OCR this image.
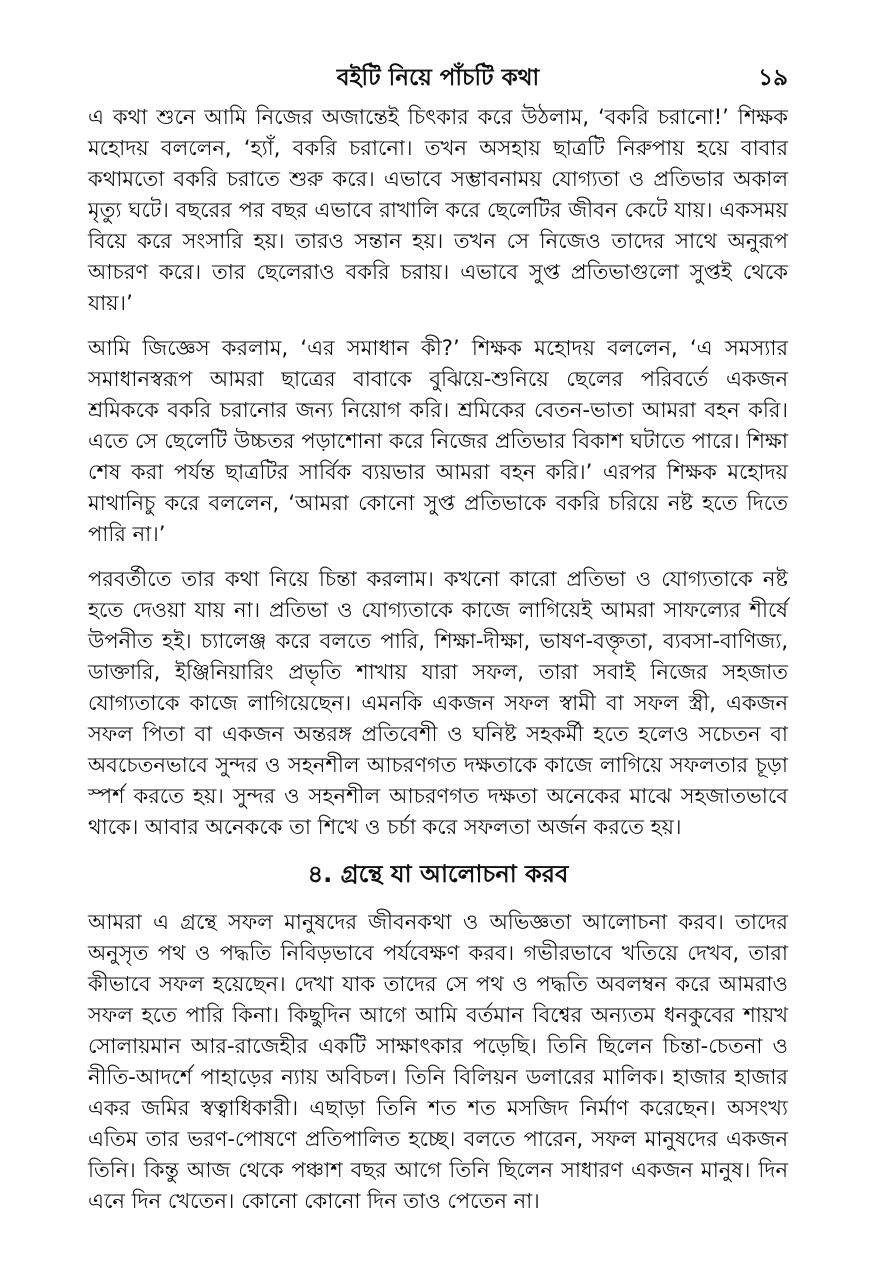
বইটি নিয়ে পাঁচটি কথা	১৯

এ কথা শুনে আমি নিজের অজান্তেই চিৎকার করে উঠলাম, ‘বকরি চরানো!’ শিক্ষক মহোদয় বললেন, ‘হ্যাঁ, বকরি চরানো। তখন অসহায় ছাত্রটি নিরুপায় হয়ে বাবার কথামতো বকরি চরাতে শুরু করে। এভাবে সম্ভাবনাময় যোগ্যতা ও প্রতিভার অকাল মৃত্যু ঘটে। বছরের পর বছর এভাবে রাখালি করে ছেলেটির জীবন কেটে যায়। একসময় বিয়ে করে সংসারি হয়। তারও সন্তান হয়। তখন সে নিজেও তাদের সাথে অনুরূপ আচরণ করে। তার ছেলেরাও বকরি চরায়। এভাবে সুপ্ত প্রতিভাগুলো সুপ্তই থেকে যায়।’

আমি জিজ্ঞেস করলাম, ‘এর সমাধান কী?’ শিক্ষক মহোদয় বললেন, ‘এ সমস্যার সমাধানস্বরূপ আমরা ছাত্রের বাবাকে বুঝিয়ে-শুনিয়ে ছেলের পরিবর্তে একজন শ্রমিককে বকরি চরানোর জন্য নিয়োগ করি। শ্রমিকের বেতন-ভাতা আমরা বহন করি। এতে সে ছেলেটি উচ্চতর পড়াশোনা করে নিজের প্রতিভার বিকাশ ঘটাতে পারে। শিক্ষা শেষ করা পর্যন্ত ছাত্রটির সার্বিক ব্যয়ভার আমরা বহন করি।’ এরপর শিক্ষক মহোদয় মাথানিচু করে বললেন, ‘আমরা কোনো সুপ্ত প্রতিভাকে বকরি চরিয়ে নষ্ট হতে দিতে পারি না।’

পরবর্তীতে তার কথা নিয়ে চিন্তা করলাম। কখনো কারো প্রতিভা ও যোগ্যতাকে নষ্ট হতে দেওয়া যায় না। প্রতিভা ও যোগ্যতাকে কাজে লাগিয়েই আমরা সাফল্যের শীর্ষে উপনীত হই। চ্যালেঞ্জ করে বলতে পারি, শিক্ষা-দীক্ষা, ভাষণ-বক্তৃতা, ব্যবসা-বাণিজ্য, ডাক্তারি, ইঞ্জিনিয়ারিং প্রভৃতি শাখায় যারা সফল, তারা সবাই নিজের সহজাত যোগ্যতাকে কাজে লাগিয়েছেন। এমনকি একজন সফল স্বামী বা সফল স্ত্রী, একজন সফল পিতা বা একজন অন্তরঙ্গ প্রতিবেশী ও ঘনিষ্ট সহকর্মী হতে হলেও সচেতন বা অবচেতনভাবে সুন্দর ও সহনশীল আচরণগত দক্ষতাকে কাজে লাগিয়ে সফলতার চূড়া স্পর্শ করতে হয়। সুন্দর ও সহনশীল আচরণগত দক্ষতা অনেকের মাঝে সহজাতভাবে থাকে। আবার অনেককে তা শিখে ও চর্চা করে সফলতা অর্জন করতে হয়।

৪. গ্রন্থে যা আলোচনা করব

আমরা এ গ্রন্থে সফল মানুষদের জীবনকথা ও অভিজ্ঞতা আলোচনা করব। তাদের অনুসৃত পথ ও পদ্ধতি নিবিড়ভাবে পর্যবেক্ষণ করব। গভীরভাবে খতিয়ে দেখব, তারা কীভাবে সফল হয়েছেন। দেখা যাক তাদের সে পথ ও পদ্ধতি অবলম্বন করে আমরাও সফল হতে পারি কিনা। কিছুদিন আগে আমি বর্তমান বিশ্বের অন্যতম ধনকুবের শায়খ সোলায়মান আর-রাজেহীর একটি সাক্ষাৎকার পড়েছি। তিনি ছিলেন চিন্তা-চেতনা ও নীতি-আদর্শে পাহাড়ের ন্যায় অবিচল। তিনি বিলিয়ন ডলারের মালিক। হাজার হাজার একর জমির স্বত্বাধিকারী। এছাড়া তিনি শত শত মসজিদ নির্মাণ করেছেন। অসংখ্য এতিম তার ভরণ-পোষণে প্রতিপালিত হচ্ছে। বলতে পারেন, সফল মানুষদের একজন তিনি। কিন্তু আজ থেকে পঞ্চাশ বছর আগে তিনি ছিলেন সাধারণ একজন মানুষ। দিন এনে দিন খেতেন। কোনো কোনো দিন তাও পেতেন না।
